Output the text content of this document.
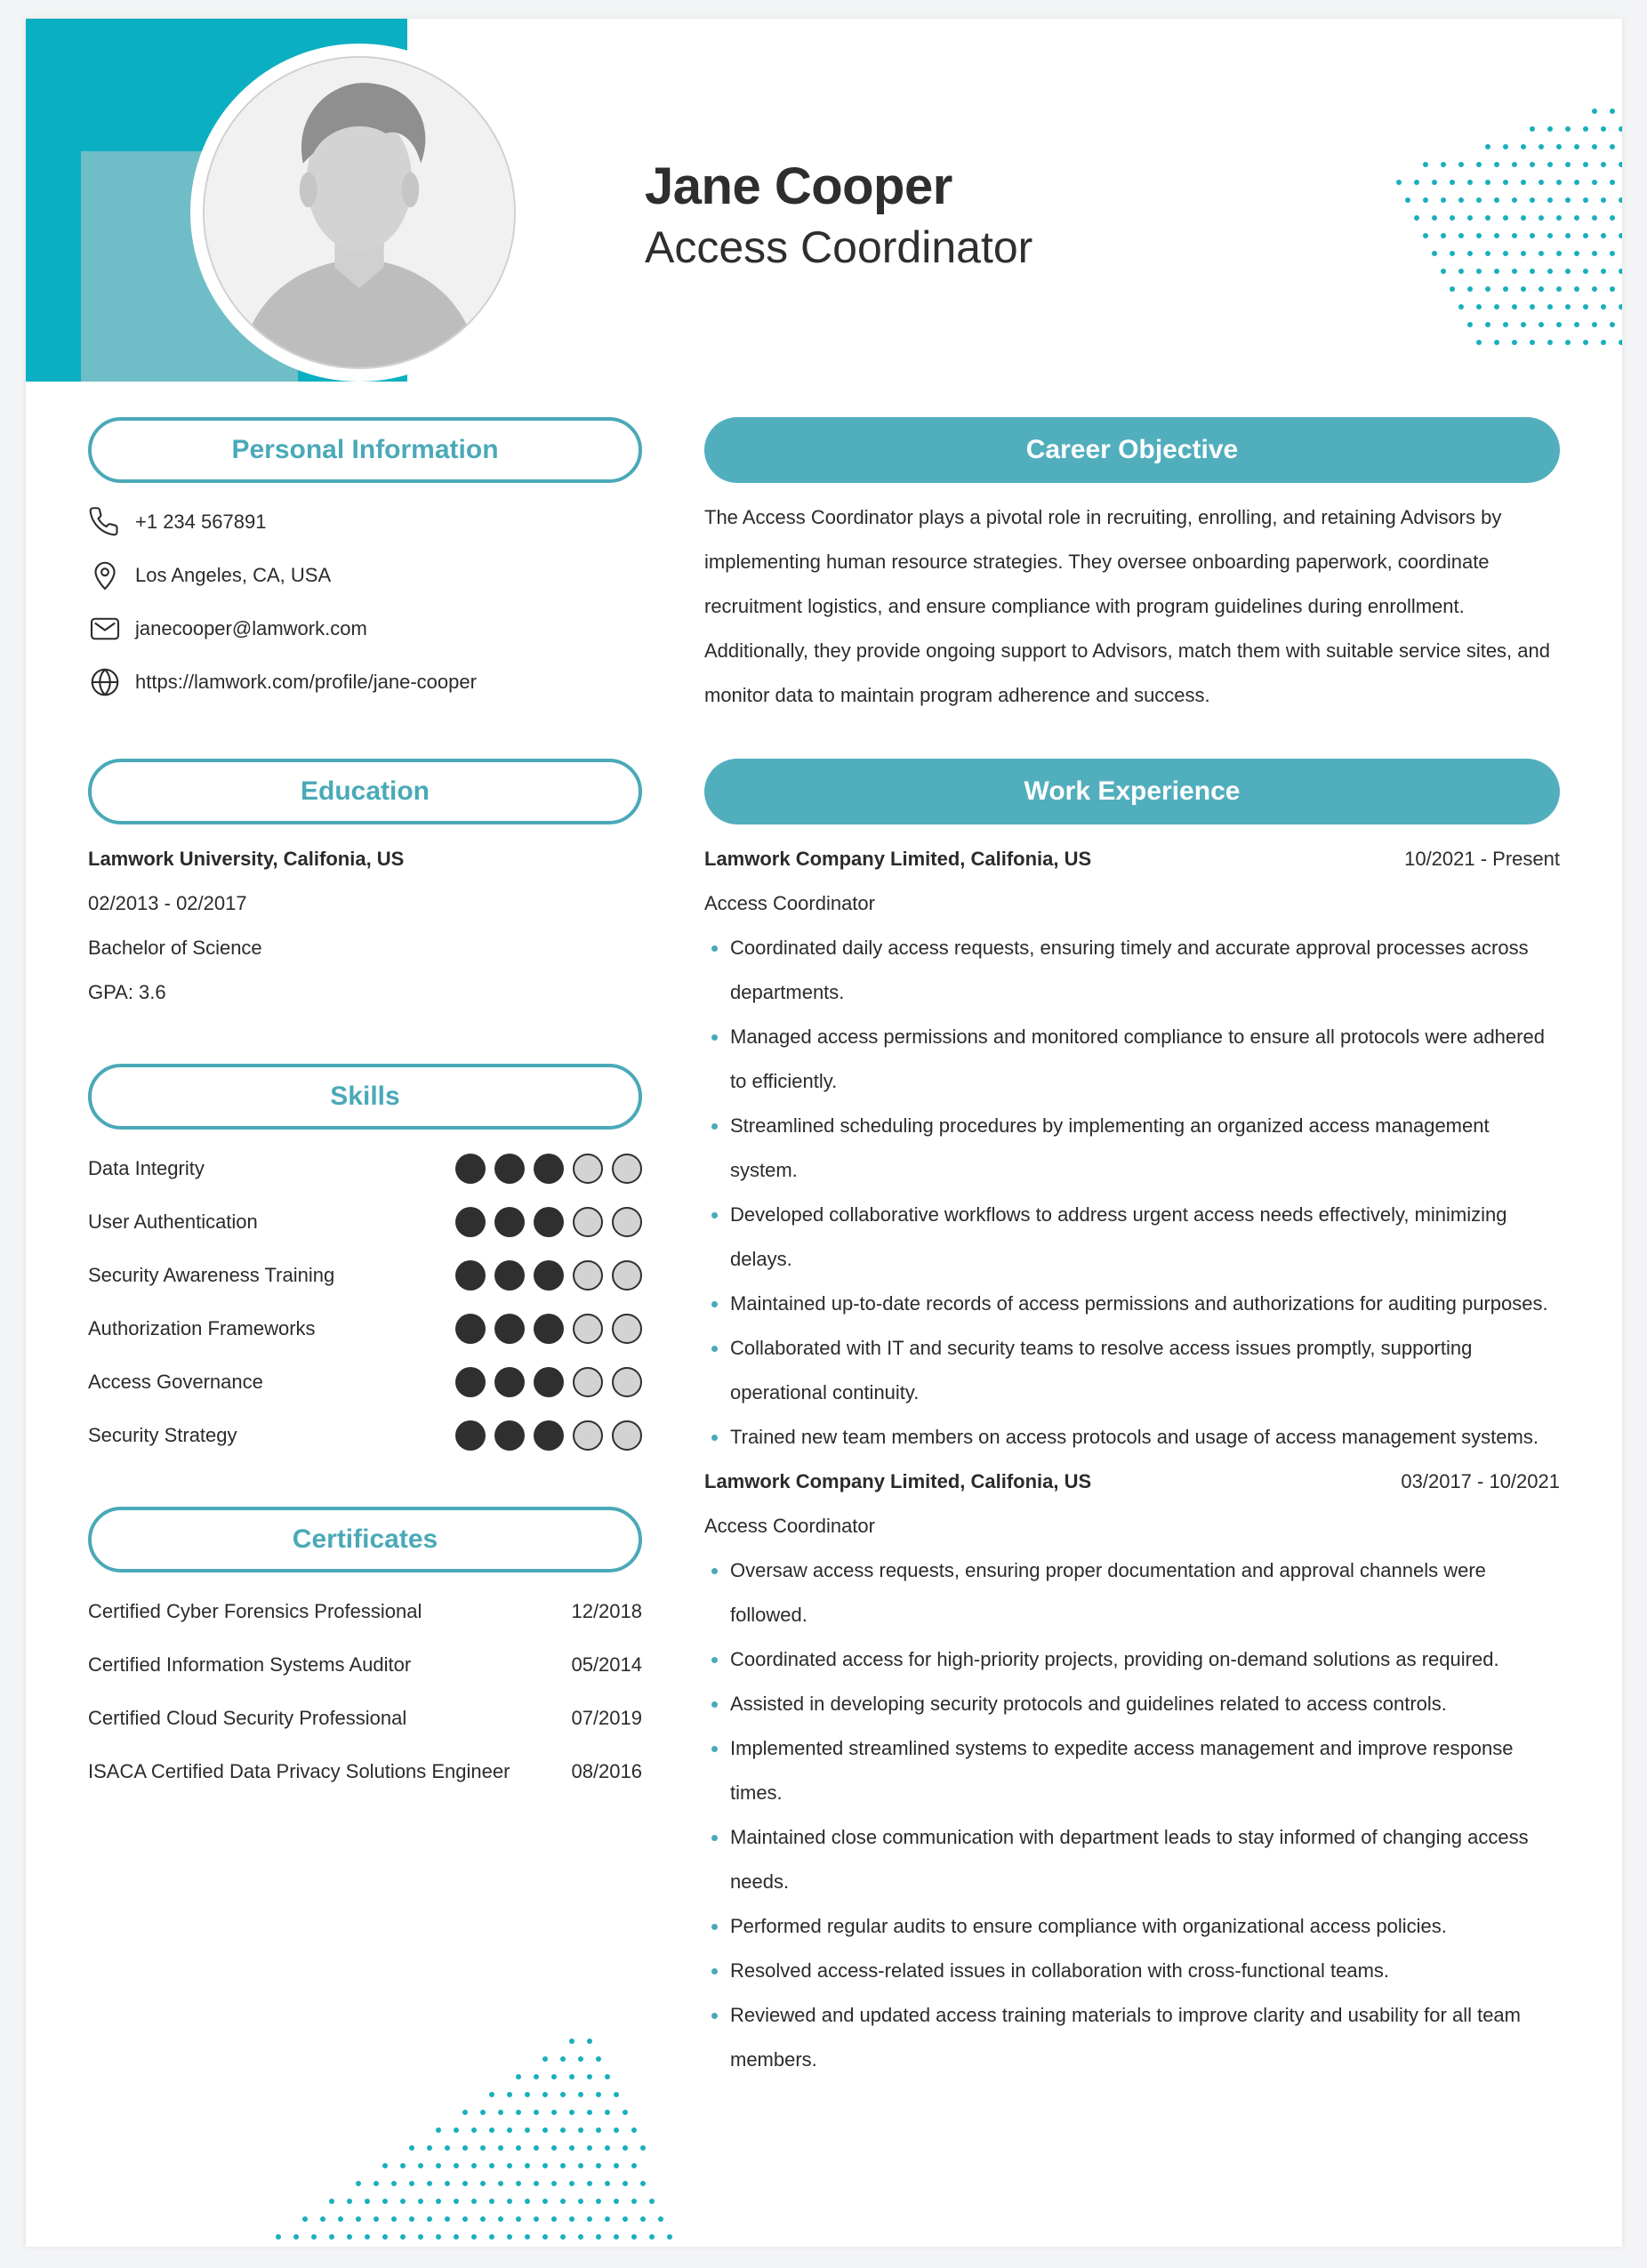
Jane Cooper
Access Coordinator
Personal Information
+1 234 567891
Los Angeles, CA, USA
janecooper@lamwork.com
https://lamwork.com/profile/jane-cooper
Education
Lamwork University, Califonia, US
02/2013 - 02/2017
Bachelor of Science
GPA: 3.6
Skills
Data Integrity
User Authentication
Security Awareness Training
Authorization Frameworks
Access Governance
Security Strategy
Certificates
Certified Cyber Forensics Professional	12/2018
Certified Information Systems Auditor	05/2014
Certified Cloud Security Professional	07/2019
ISACA Certified Data Privacy Solutions Engineer	08/2016
Career Objective
The Access Coordinator plays a pivotal role in recruiting, enrolling, and retaining Advisors by implementing human resource strategies. They oversee onboarding paperwork, coordinate recruitment logistics, and ensure compliance with program guidelines during enrollment. Additionally, they provide ongoing support to Advisors, match them with suitable service sites, and monitor data to maintain program adherence and success.
Work Experience
Lamwork Company Limited, Califonia, US	10/2021 - Present
Access Coordinator
Coordinated daily access requests, ensuring timely and accurate approval processes across departments.
Managed access permissions and monitored compliance to ensure all protocols were adhered to efficiently.
Streamlined scheduling procedures by implementing an organized access management system.
Developed collaborative workflows to address urgent access needs effectively, minimizing delays.
Maintained up-to-date records of access permissions and authorizations for auditing purposes.
Collaborated with IT and security teams to resolve access issues promptly, supporting operational continuity.
Trained new team members on access protocols and usage of access management systems.
Lamwork Company Limited, Califonia, US	03/2017 - 10/2021
Access Coordinator
Oversaw access requests, ensuring proper documentation and approval channels were followed.
Coordinated access for high-priority projects, providing on-demand solutions as required.
Assisted in developing security protocols and guidelines related to access controls.
Implemented streamlined systems to expedite access management and improve response times.
Maintained close communication with department leads to stay informed of changing access needs.
Performed regular audits to ensure compliance with organizational access policies.
Resolved access-related issues in collaboration with cross-functional teams.
Reviewed and updated access training materials to improve clarity and usability for all team members.
